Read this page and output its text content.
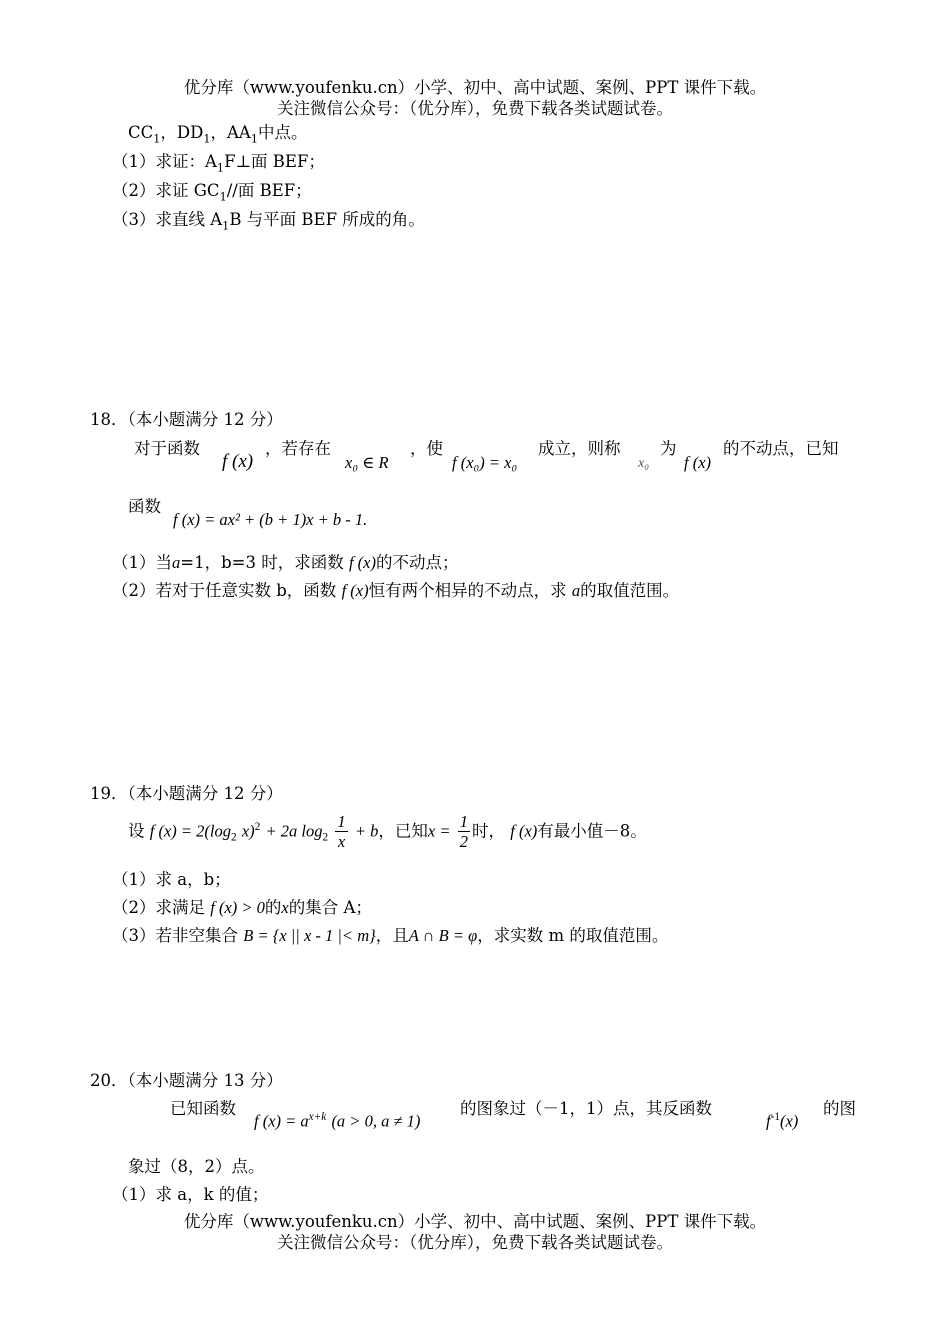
优分库（www.youfenku.cn）小学、初中、高中试题、案例、PPT 课件下载。
关注微信公众号：（优分库），免费下载各类试题试卷。
$CC_1$，$DD_1$，$AA_1$中点。
（1）求证：$A_1F\perp$面 BEF；
（2）求证 $GC_1//$面 BEF；
（3）求直线 $A_1B$ 与平面 BEF 所成的角。
18．（本小题满分 12 分）
对于函数
f (x)
，若存在
x₀ ∈ R
，使
f (x₀) = x₀
成立，则称
x₀
为
f (x)
的不动点，已知
函数
f (x) = ax² + (b + 1)x + b - 1.
（1）当a=1，b=3 时，求函数 f (x)的不动点；
（2）若对于任意实数 b，函数 f (x)恒有两个相异的不动点，求 a的取值范围。
19．（本小题满分 12 分）
设 f $(x) = 2(\log_2$ x)$^2$ + 2a $\log_2 \frac{1}{x} + b$，已知$x = \frac{1}{2}$ 时， f (x)有最小值－8。
（1）求 a，b；
（2）求满足 f (x) > 0的x的集合 A；
（3）若非空集合 B = {x || x - 1 |< m}，且A ∩ B = φ，求实数 m 的取值范围。
20．（本小题满分 13 分）
已知函数
f $(x) = a^{x+k}$ (a > 0, a ≠ 1)
的图象过（－1，1）点，其反函数
$f^{-1}(x)$
的图
象过（8，2）点。
（1）求 a，k 的值；
优分库（www.youfenku.cn）小学、初中、高中试题、案例、PPT 课件下载。
关注微信公众号：（优分库），免费下载各类试题试卷。
